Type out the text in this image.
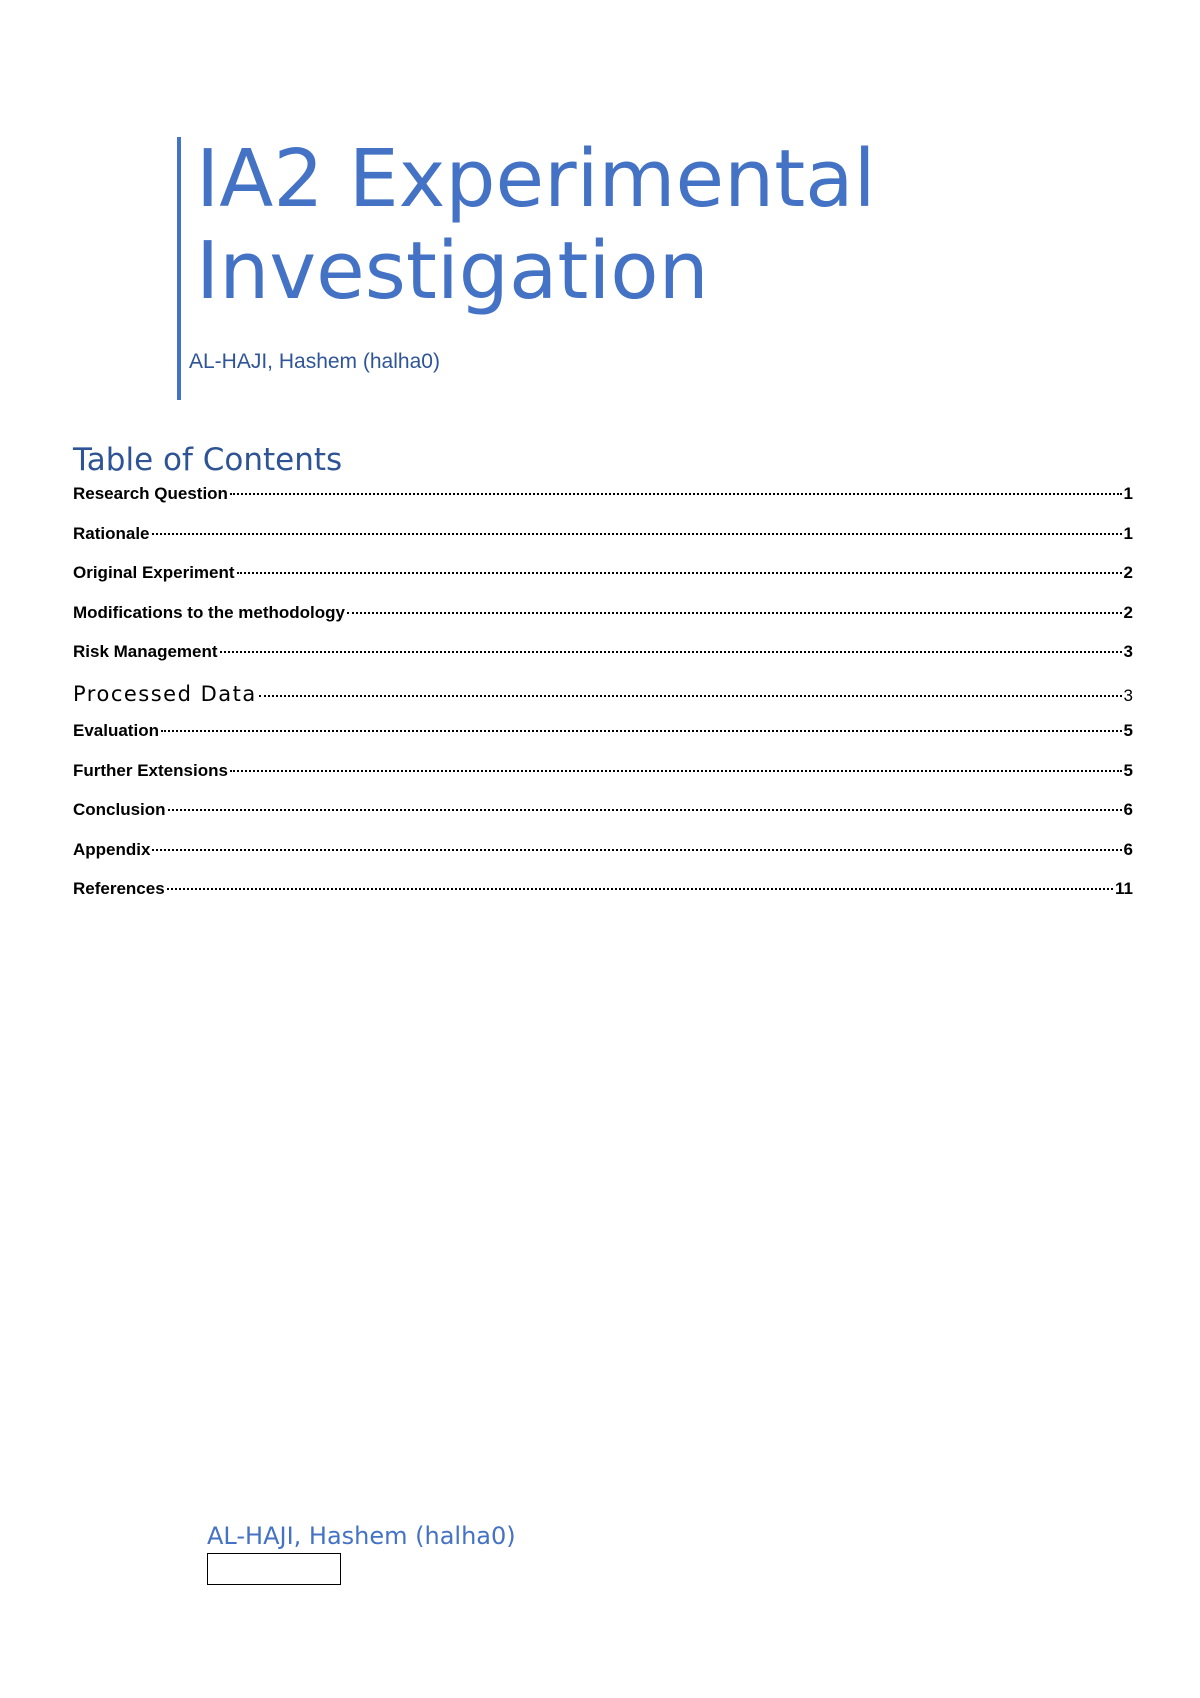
IA2 Experimental Investigation
AL-HAJI, Hashem (halha0)
Table of Contents
Research Question	1
Rationale	1
Original Experiment	2
Modifications to the methodology	2
Risk Management	3
Processed Data	3
Evaluation	5
Further Extensions	5
Conclusion	6
Appendix	6
References	11
AL-HAJI, Hashem (halha0)
